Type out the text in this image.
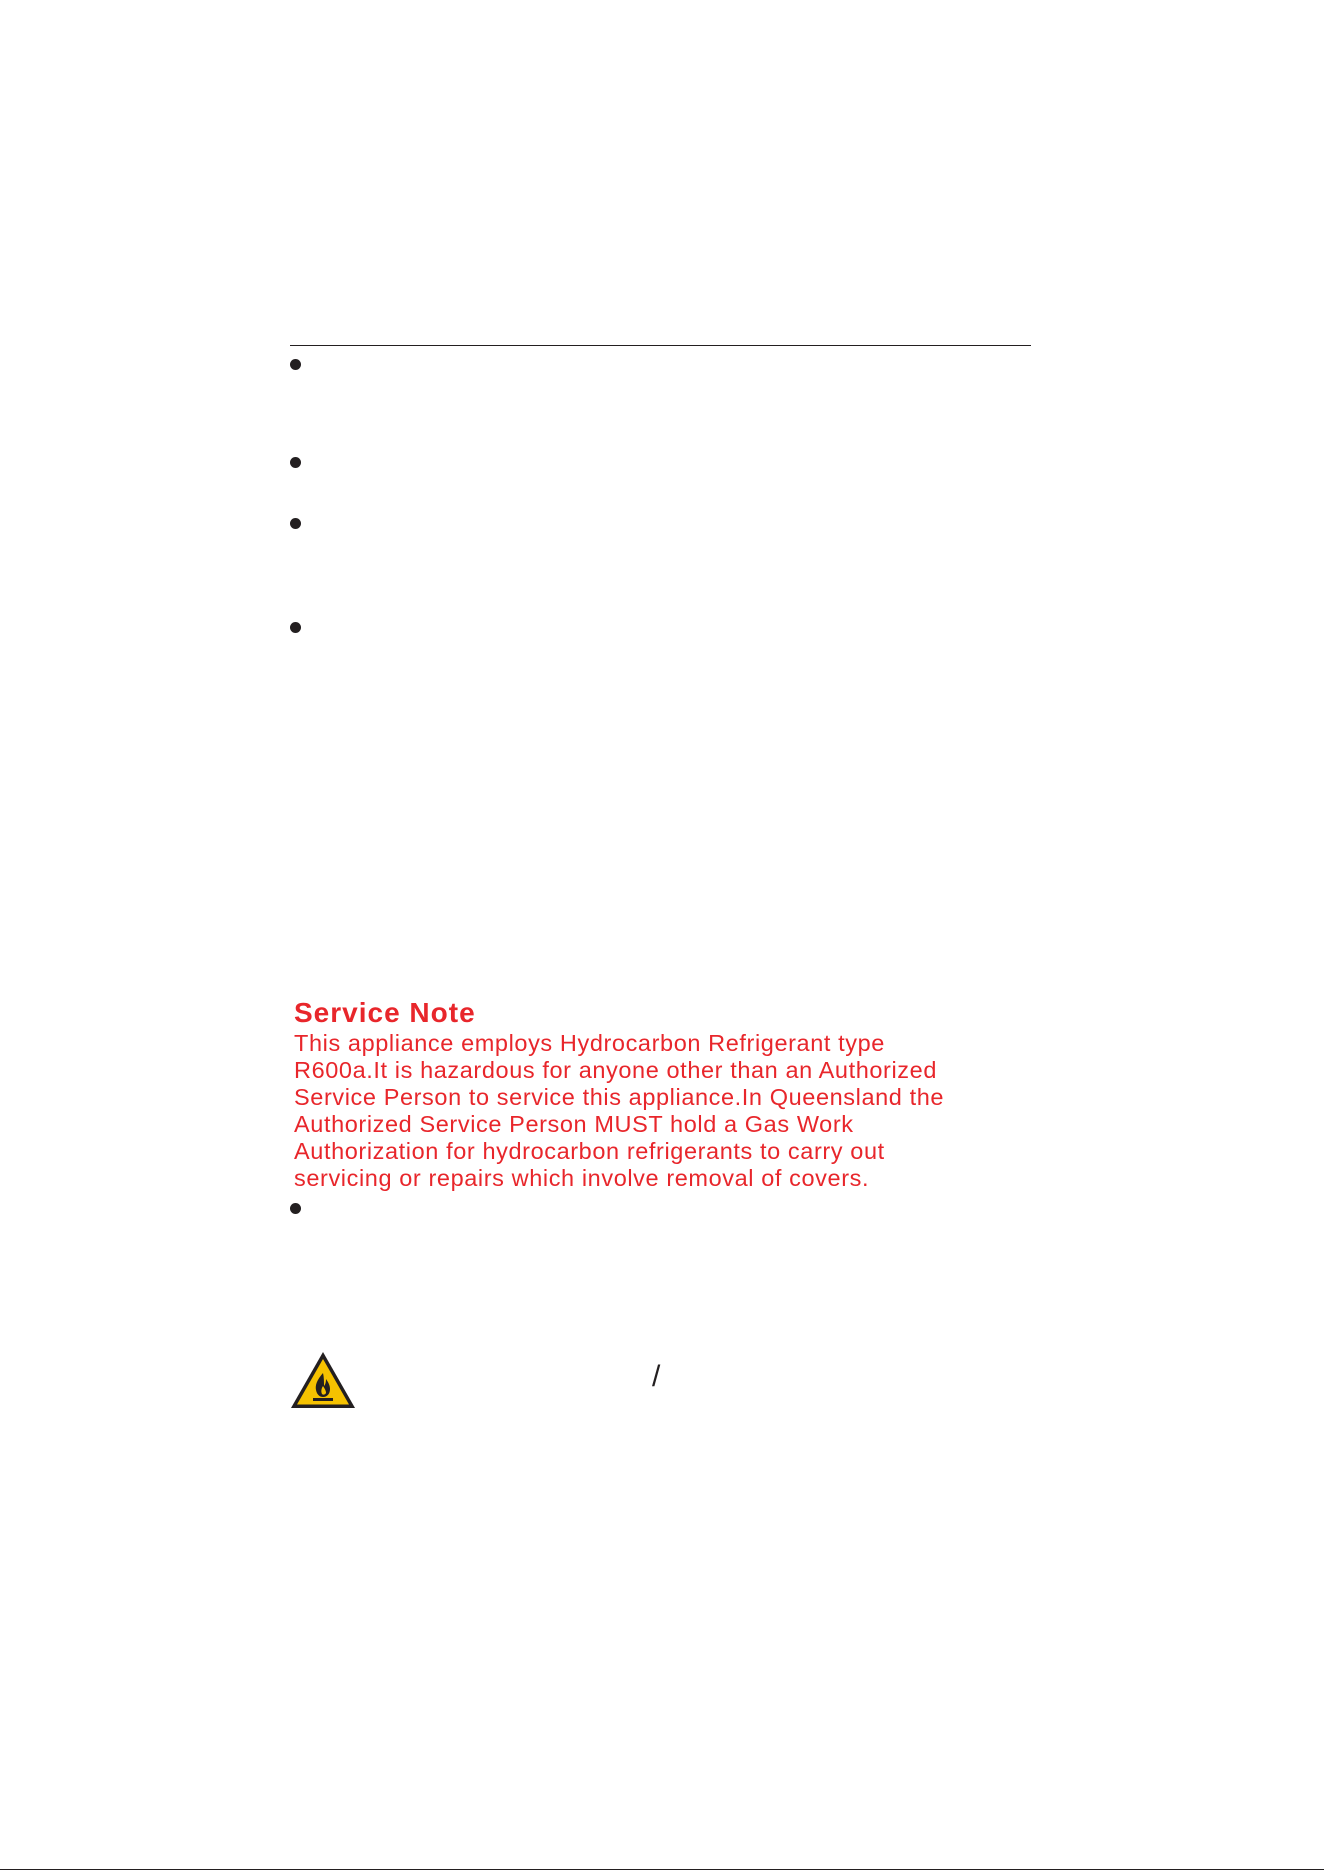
Service Note

This appliance employs Hydrocarbon Refrigerant type

R600a.It is hazardous for anyone other than an Authorized

Service Person to service this appliance.In Queensland the

Authorized Service Person MUST hold a Gas Work

Authorization for hydrocarbon refrigerants to carry out

servicing or repairs which involve removal of covers.

/
